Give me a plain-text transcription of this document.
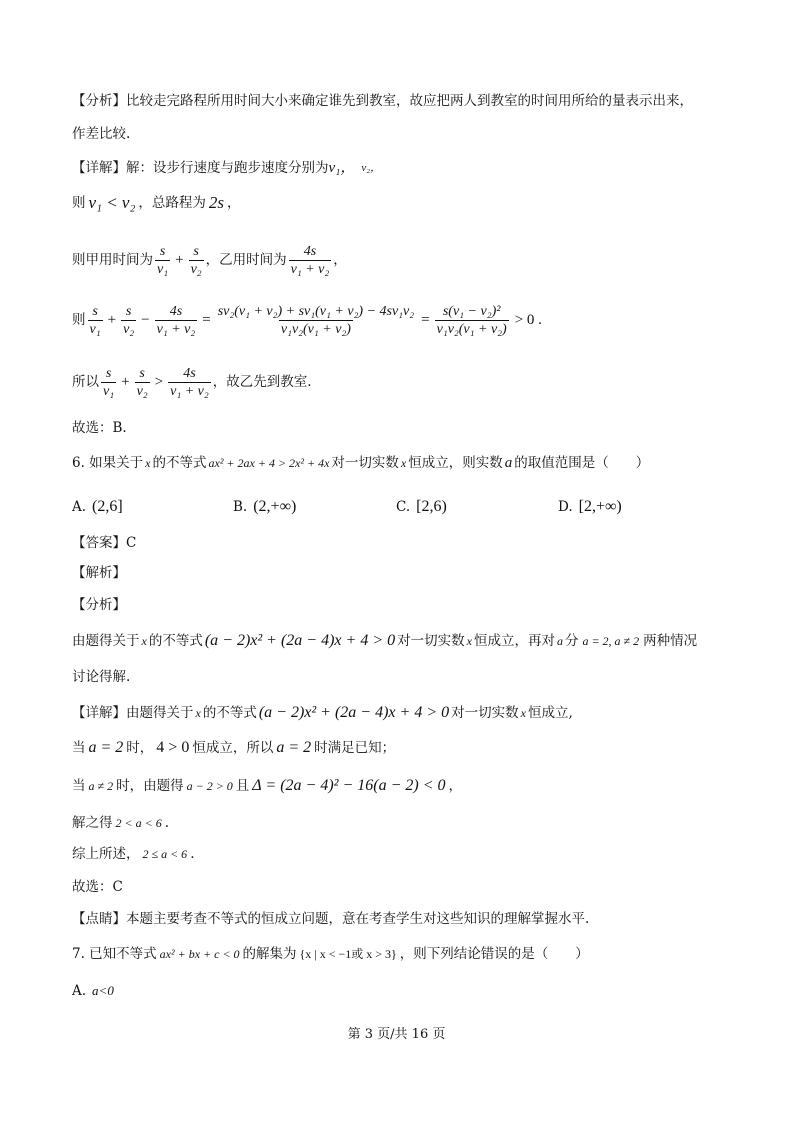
【分析】比较走完路程所用时间大小来确定谁先到教室，故应把两人到教室的时间用所给的量表示出来，
作差比较.
【详解】解：设步行速度与跑步速度分别为 v₁， v₂，
则 v₁ < v₂ ，总路程为 2s ，
则甲用时间为 $\frac{s}{\text{v₁}} + \frac{s}{\text{v₂}}$ ，乙用时间为 $\frac{4s}{\text{v₁ + v₂}}$ ，
则 $\frac{s}{\text{v₁}} + \frac{s}{\text{v₂}} - \frac{4s}{\text{v₁ + v₂}} = \frac{\text{sv₂(v₁ + v₂) + sv₁(v₁ + v₂) − 4sv₁v₂}}{\text{v₁v₂(v₁ + v₂)}} = \frac{\text{s(v₁ − v₂)²}}{\text{v₁v₂(v₁ + v₂)}} > 0$ .
所以 $\frac{s}{\text{v₁}} + \frac{s}{\text{v₂}} > \frac{4s}{\text{v₁ + v₂}}$ ，故乙先到教室.
故选：B.
6. 如果关于 x 的不等式 ax² + 2ax + 4 > 2x² + 4x 对一切实数 x 恒成立，则实数 a 的取值范围是（　　）
A. (2,6]	B. (2,+∞)	C. [2,6)	D. [2,+∞)
【答案】C
【解析】
【分析】
由题得关于 x 的不等式 (a − 2)x² + (2a − 4)x + 4 > 0 对一切实数 x 恒成立，再对 a 分 a = 2, a ≠ 2 两种情况
讨论得解.
【详解】由题得关于 x 的不等式 (a − 2)x² + (2a − 4)x + 4 > 0 对一切实数 x 恒成立,
当 a = 2 时， 4 > 0 恒成立，所以 a = 2 时满足已知；
当 a ≠ 2 时，由题得 a − 2 > 0 且 Δ = (2a − 4)² − 16(a − 2) < 0 ，
解之得 2 < a < 6 .
综上所述， 2 ≤ a < 6 .
故选：C
【点睛】本题主要考查不等式的恒成立问题，意在考查学生对这些知识的理解掌握水平.
7. 已知不等式 ax² + bx + c < 0 的解集为 {x | x < −1或 x > 3} ，则下列结论错误的是（　　）
A. a<0
第 3 页/共 16 页
